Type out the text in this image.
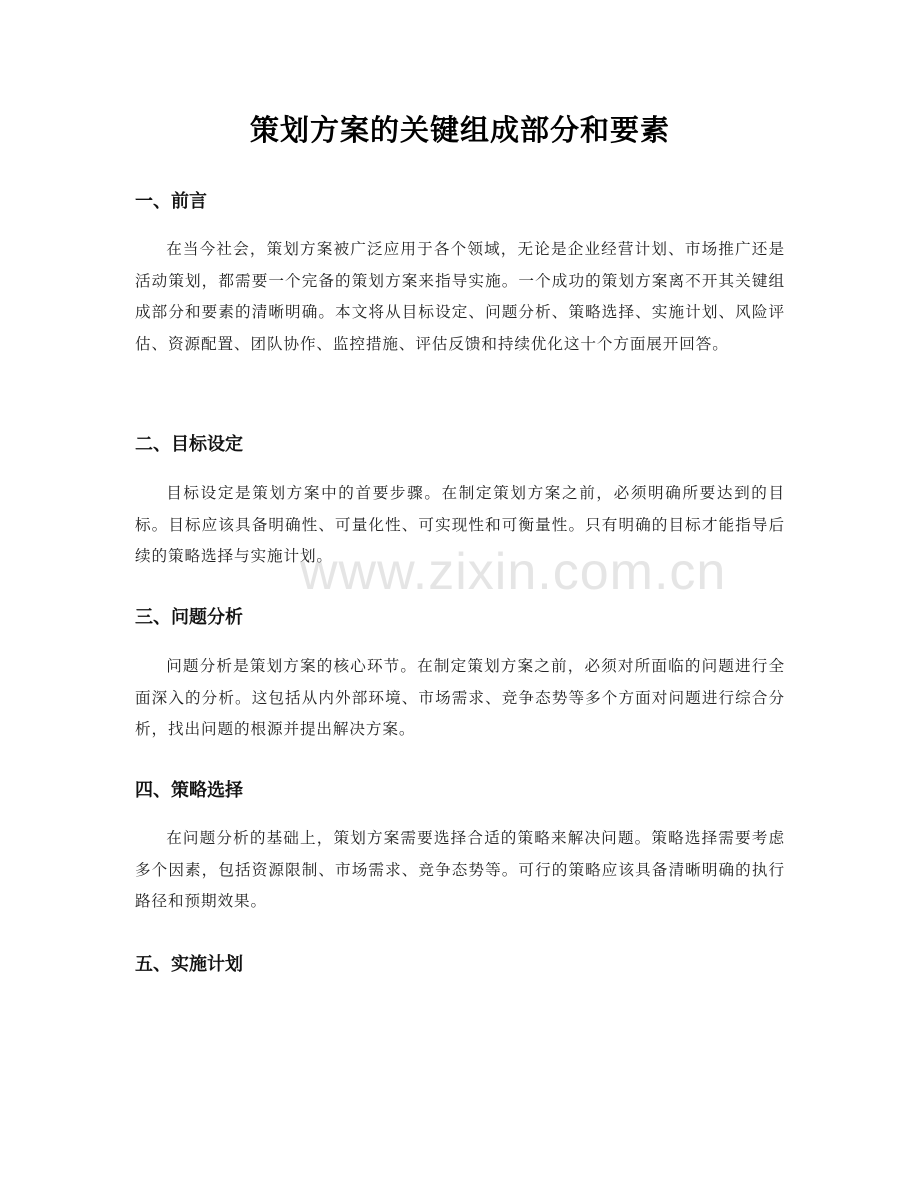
策划方案的关键组成部分和要素
一、前言

在当今社会，策划方案被广泛应用于各个领域，无论是企业经营计划、市场推广还是活动策划，都需要一个完备的策划方案来指导实施。一个成功的策划方案离不开其关键组成部分和要素的清晰明确。本文将从目标设定、问题分析、策略选择、实施计划、风险评估、资源配置、团队协作、监控措施、评估反馈和持续优化这十个方面展开回答。

二、目标设定

目标设定是策划方案中的首要步骤。在制定策划方案之前，必须明确所要达到的目标。目标应该具备明确性、可量化性、可实现性和可衡量性。只有明确的目标才能指导后续的策略选择与实施计划。

三、问题分析

问题分析是策划方案的核心环节。在制定策划方案之前，必须对所面临的问题进行全面深入的分析。这包括从内外部环境、市场需求、竞争态势等多个方面对问题进行综合分析，找出问题的根源并提出解决方案。

四、策略选择

在问题分析的基础上，策划方案需要选择合适的策略来解决问题。策略选择需要考虑多个因素，包括资源限制、市场需求、竞争态势等。可行的策略应该具备清晰明确的执行路径和预期效果。

五、实施计划
www.zixin.com.cn
